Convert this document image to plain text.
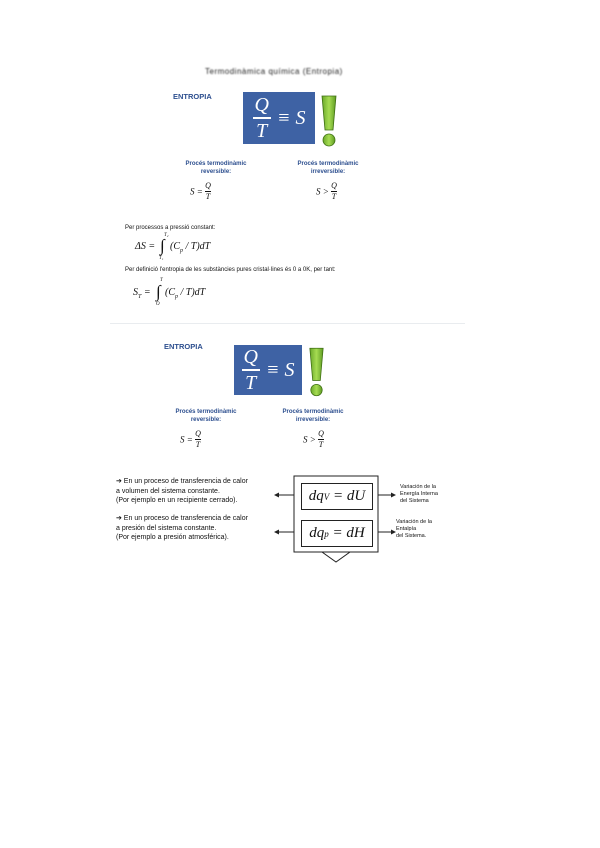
Termodinàmica química (Entropia)
ENTROPIA $\frac{Q}{T} \equiv S$
Procés termodinàmic
reversible:
$S = \frac{Q}{T}$
Procés termodinàmic
irreversible:
$S > \frac{Q}{T}$
Per processos a pressió constant:
ΔS = ∫
T₂
T₁
$(C_p / T)dT$
Per definició l'entropia de les substàncies pures cristal·lines és 0 a 0K, per tant:
$S_T$ = ∫
T
O
$(C_p / T)dT$
ENTROPIA
$\frac{Q}{T} \equiv S$
Procés termodinàmic
reversible:
$S = \frac{Q}{T}$
Procés termodinàmic
irreversible:
$S > \frac{Q}{T}$
➔ En un proceso de transferencia de calor
a volumen del sistema constante.
(Por ejemplo en un recipiente cerrado).
➔ En un proceso de transferencia de calor
a presión del sistema constante.
(Por ejemplo a presión atmosférica).
dq V = dU
dq p = dH
Variación de la
Energía Interna
del Sistema
Variación de la
Entalpía
del Sistema.
